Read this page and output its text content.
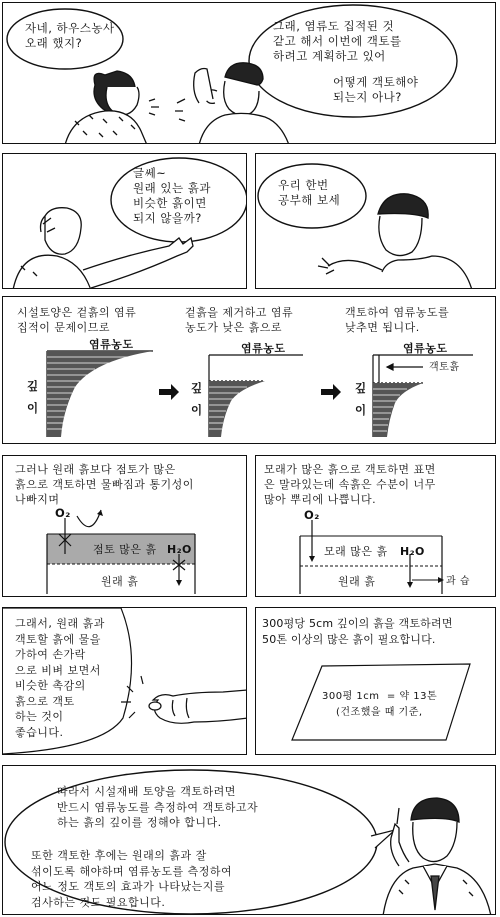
자네, 하우스농사
오래 했지?
그래, 염류도 집적된 것
같고 해서 이번에 객토를
하려고 계획하고 있어
어떻게 객토해야
되는지 아나?
글쎄~
원래 있는 흙과
비슷한 흙이면
되지 않을까?
우리 한번
공부해 보세
시설토양은 겉흙의 염류
집적이 문제이므로
겉흙을 제거하고 염류
농도가 낮은 흙으로
객토하여 염류농도를
낮추면 됩니다.
염류농도	염류농도	염류농도
깊
이
깊
이
깊
이
객토흙
그러나 원래 흙보다 점토가 많은
흙으로 객토하면 물빠짐과 통기성이
나빠지며
O₂
점토 많은 흙 H₂O
원래 흙
모래가 많은 흙으로 객토하면 표면
은 말라있는데 속흙은 수분이 너무
많아 뿌리에 나쁩니다.
O₂
모래 많은 흙 H₂O
원래 흙	과 습
그래서, 원래 흙과
객토할 흙에 물을
가하여 손가락
으로 비벼 보면서
비슷한 촉감의
흙으로 객토
하는 것이
좋습니다.
300평당 5cm 깊이의 흙을 객토하려면
50톤 이상의 많은 흙이 필요합니다.
300평 1cm  = 약 13톤
(건조했을 때 기준,
따라서 시설재배 토양을 객토하려면
반드시 염류농도를 측정하여 객토하고자
하는 흙의 깊이를 정해야 합니다.
또한 객토한 후에는 원래의 흙과 잘
섞이도록 해야하며 염류농도를 측정하여
어느 정도 객토의 효과가 나타났는지를
검사하는 것도 필요합니다.
